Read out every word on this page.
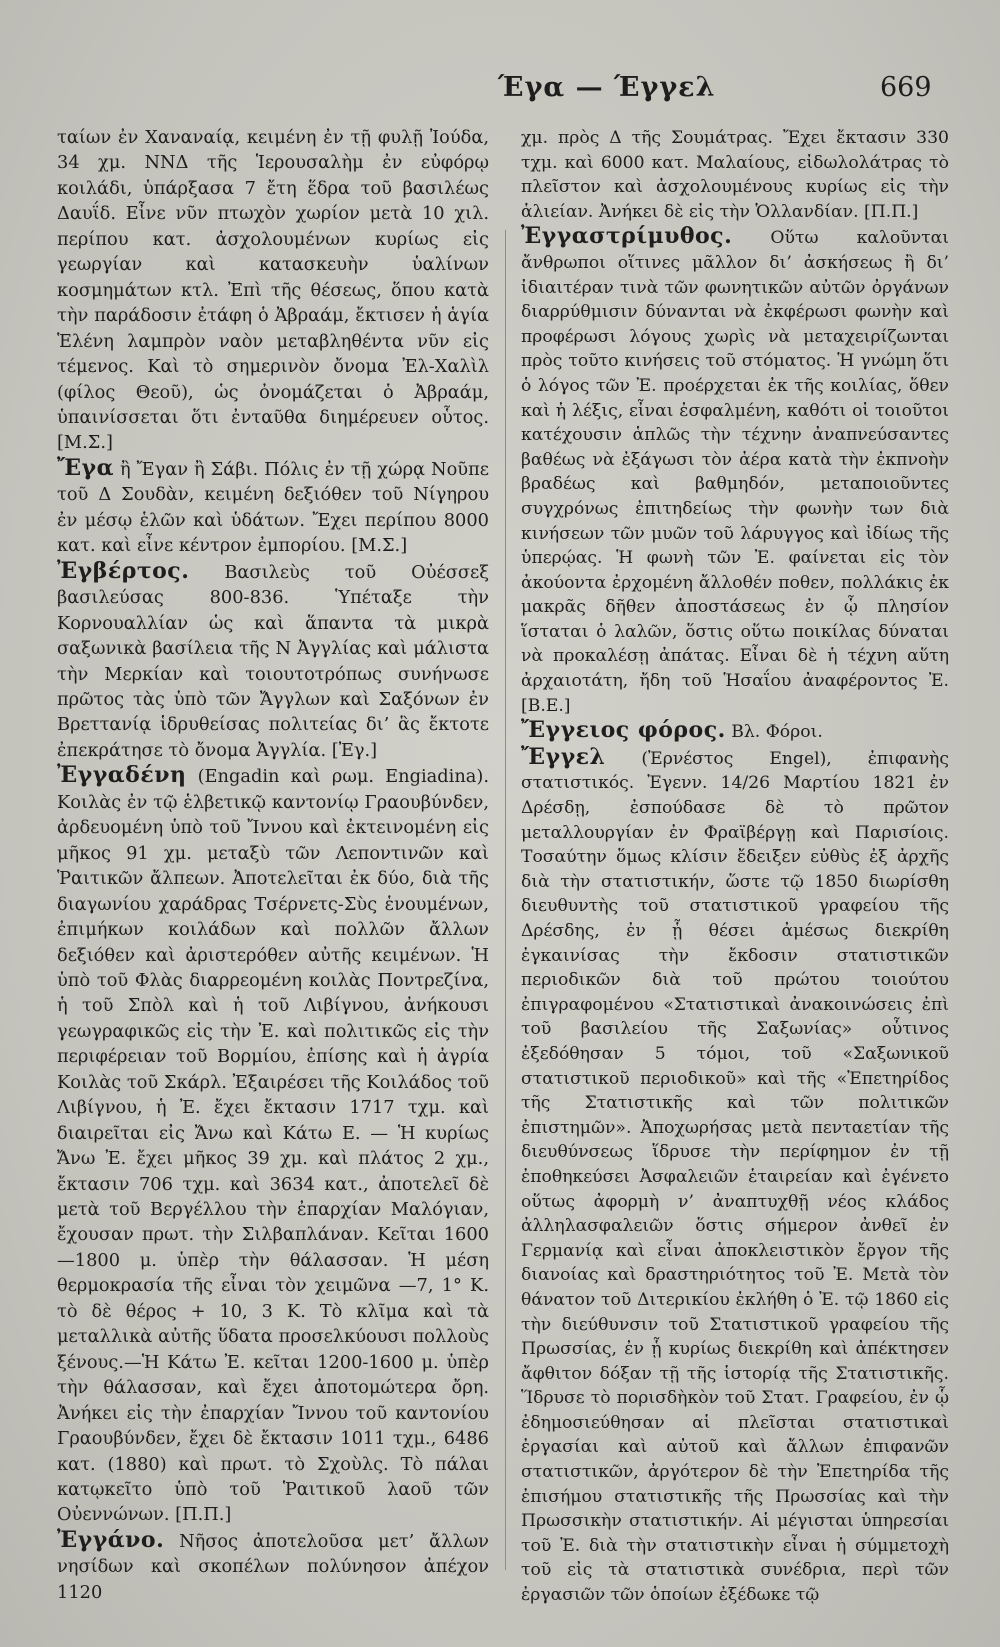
Έγα — Έγγελ	669

ταίων ἐν Χαναναίᾳ, κειμένη ἐν τῇ φυλῇ Ἰούδα, 34 χμ. ΝΝΔ τῆς Ἱερουσαλὴμ ἐν εὐφόρῳ κοιλάδι, ὑπάρξασα 7 ἔτη ἕδρα τοῦ βασιλέως Δαυΐδ. Εἶνε νῦν πτωχὸν χωρίον μετὰ 10 χιλ. περίπου κατ. ἀσχολουμένων κυρίως εἰς γεωργίαν καὶ κατασκευὴν ὑαλίνων κοσμημάτων κτλ. Ἐπὶ τῆς θέσεως, ὅπου κατὰ τὴν παράδοσιν ἐτάφη ὁ Ἀβραάμ, ἔκτισεν ἡ ἁγία Ἑλένη λαμπρὸν ναὸν μεταβληθέντα νῦν εἰς τέμενος. Καὶ τὸ σημερινὸν ὄνομα Ἐλ-Χαλὶλ (φίλος Θεοῦ), ὡς ὀνομάζεται ὁ Ἀβραάμ, ὑπαινίσσεται ὅτι ἐνταῦθα διημέρευεν οὗτος. [Μ.Σ.]

Ἔγα ἢ Ἔγαν ἢ Σάβι. Πόλις ἐν τῇ χώρᾳ Νοῦπε τοῦ Δ Σουδὰν, κειμένη δεξιόθεν τοῦ Νίγηρου ἐν μέσῳ ἑλῶν καὶ ὑδάτων. Ἔχει περίπου 8000 κατ. καὶ εἶνε κέντρον ἐμπορίου. [Μ.Σ.]

Ἐγβέρτος. Βασιλεὺς τοῦ Οὐέσσεξ βασιλεύσας 800-836. Ὑπέταξε τὴν Κορνουαλλίαν ὡς καὶ ἅπαντα τὰ μικρὰ σαξωνικὰ βασίλεια τῆς Ν Ἀγγλίας καὶ μάλιστα τὴν Μερκίαν καὶ τοιουτοτρόπως συνήνωσε πρῶτος τὰς ὑπὸ τῶν Ἄγγλων καὶ Σαξόνων ἐν Βρεττανίᾳ ἱδρυθείσας πολιτείας δι’ ἃς ἔκτοτε ἐπεκράτησε τὸ ὄνομα Ἀγγλία. [Ἐγ.]

Ἐγγαδένη (Engadin καὶ ρωμ. Engiadina). Κοιλὰς ἐν τῷ ἑλβετικῷ καντονίῳ Γραουβύνδεν, ἀρδευομένη ὑπὸ τοῦ Ἴννου καὶ ἐκτεινομένη εἰς μῆκος 91 χμ. μεταξὺ τῶν Λεποντινῶν καὶ Ῥαιτικῶν ἄλπεων. Ἀποτελεῖται ἐκ δύο, διὰ τῆς διαγωνίου χαράδρας Τσέρνετς-Σὺς ἑνουμένων, ἐπιμήκων κοιλάδων καὶ πολλῶν ἄλλων δεξιόθεν καὶ ἀριστερόθεν αὐτῆς κειμένων. Ἡ ὑπὸ τοῦ Φλὰς διαρρεομένη κοιλὰς Ποντρεζίνα, ἡ τοῦ Σπὸλ καὶ ἡ τοῦ Λιβίγνου, ἀνήκουσι γεωγραφικῶς εἰς τὴν Ἐ. καὶ πολιτικῶς εἰς τὴν περιφέρειαν τοῦ Βορμίου, ἐπίσης καὶ ἡ ἀγρία Κοιλὰς τοῦ Σκάρλ. Ἐξαιρέσει τῆς Κοιλάδος τοῦ Λιβίγνου, ἡ Ἐ. ἔχει ἔκτασιν 1717 τχμ. καὶ διαιρεῖται εἰς Ἄνω καὶ Κάτω Ε. — Ἡ κυρίως Ἄνω Ἐ. ἔχει μῆκος 39 χμ. καὶ πλάτος 2 χμ., ἔκτασιν 706 τχμ. καὶ 3634 κατ., ἀποτελεῖ δὲ μετὰ τοῦ Βεργέλλου τὴν ἐπαρχίαν Μαλόγιαν, ἔχουσαν πρωτ. τὴν Σιλβαπλάναν. Κεῖται 1600—1800 μ. ὑπὲρ τὴν θάλασσαν. Ἡ μέση θερμοκρασία τῆς εἶναι τὸν χειμῶνα —7, 1° Κ. τὸ δὲ θέρος + 10, 3 Κ. Τὸ κλῖμα καὶ τὰ μεταλλικὰ αὐτῆς ὕδατα προσελκύουσι πολλοὺς ξένους.—Ἡ Κάτω Ἐ. κεῖται 1200-1600 μ. ὑπὲρ τὴν θάλασσαν, καὶ ἔχει ἀποτομώτερα ὄρη. Ἀνήκει εἰς τὴν ἐπαρχίαν Ἴννου τοῦ καντονίου Γραουβύνδεν, ἔχει δὲ ἔκτασιν 1011 τχμ., 6486 κατ. (1880) καὶ πρωτ. τὸ Σχοὺλς. Τὸ πάλαι κατῳκεῖτο ὑπὸ τοῦ Ῥαιτικοῦ λαοῦ τῶν Οὐεννώνων. [Π.Π.]

Ἐγγάνο. Νῆσος ἀποτελοῦσα μετ’ ἄλλων νησίδων καὶ σκοπέλων πολύνησον ἀπέχον 1120

χμ. πρὸς Δ τῆς Σουμάτρας. Ἔχει ἔκτασιν 330 τχμ. καὶ 6000 κατ. Μαλαίους, εἰδωλολάτρας τὸ πλεῖστον καὶ ἀσχολουμένους κυρίως εἰς τὴν ἁλιείαν. Ἀνήκει δὲ εἰς τὴν Ὁλλανδίαν. [Π.Π.]

Ἐγγαστρίμυθος. Οὕτω καλοῦνται ἄνθρωποι οἵτινες μᾶλλον δι’ ἀσκήσεως ἢ δι’ ἰδιαιτέραν τινὰ τῶν φωνητικῶν αὐτῶν ὀργάνων διαρρύθμισιν δύνανται νὰ ἐκφέρωσι φωνὴν καὶ προφέρωσι λόγους χωρὶς νὰ μεταχειρίζωνται πρὸς τοῦτο κινήσεις τοῦ στόματος. Ἡ γνώμη ὅτι ὁ λόγος τῶν Ἐ. προέρχεται ἐκ τῆς κοιλίας, ὅθεν καὶ ἡ λέξις, εἶναι ἐσφαλμένη, καθότι οἱ τοιοῦτοι κατέχουσιν ἁπλῶς τὴν τέχνην ἀναπνεύσαντες βαθέως νὰ ἐξάγωσι τὸν ἀέρα κατὰ τὴν ἐκπνοὴν βραδέως καὶ βαθμηδόν, μεταποιοῦντες συγχρόνως ἐπιτηδείως τὴν φωνὴν των διὰ κινήσεων τῶν μυῶν τοῦ λάρυγγος καὶ ἰδίως τῆς ὑπερῴας. Ἡ φωνὴ τῶν Ἐ. φαίνεται εἰς τὸν ἀκούοντα ἐρχομένη ἄλλοθέν ποθεν, πολλάκις ἐκ μακρᾶς δῆθεν ἀποστάσεως ἐν ᾧ πλησίον ἵσταται ὁ λαλῶν, ὅστις οὕτω ποικίλας δύναται νὰ προκαλέσῃ ἀπάτας. Εἶναι δὲ ἡ τέχνη αὕτη ἀρχαιοτάτη, ἤδη τοῦ Ἡσαΐου ἀναφέροντος Ἐ. [Β.Ε.]

Ἔγγειος φόρος. Βλ. Φόροι.

Ἔγγελ (Ἐρνέστος Engel), ἐπιφανὴς στατιστικός. Ἐγενν. 14/26 Μαρτίου 1821 ἐν Δρέσδῃ, ἐσπούδασε δὲ τὸ πρῶτον μεταλλουργίαν ἐν Φραϊβέργῃ καὶ Παρισίοις. Τοσαύτην ὅμως κλίσιν ἔδειξεν εὐθὺς ἐξ ἀρχῆς διὰ τὴν στατιστικήν, ὥστε τῷ 1850 διωρίσθη διευθυντὴς τοῦ στατιστικοῦ γραφείου τῆς Δρέσδης, ἐν ᾗ θέσει ἀμέσως διεκρίθη ἐγκαινίσας τὴν ἔκδοσιν στατιστικῶν περιοδικῶν διὰ τοῦ πρώτου τοιούτου ἐπιγραφομένου «Στατιστικαὶ ἀνακοινώσεις ἐπὶ τοῦ βασιλείου τῆς Σαξωνίας» οὗτινος ἐξεδόθησαν 5 τόμοι, τοῦ «Σαξωνικοῦ στατιστικοῦ περιοδικοῦ» καὶ τῆς «Ἐπετηρίδος τῆς Στατιστικῆς καὶ τῶν πολιτικῶν ἐπιστημῶν». Ἀποχωρήσας μετὰ πενταετίαν τῆς διευθύνσεως ἵδρυσε τὴν περίφημον ἐν τῇ ἐποθηκεύσει Ἀσφαλειῶν ἑταιρείαν καὶ ἐγένετο οὕτως ἀφορμὴ ν’ ἀναπτυχθῇ νέος κλάδος ἀλληλασφαλειῶν ὅστις σήμερον ἀνθεῖ ἐν Γερμανίᾳ καὶ εἶναι ἀποκλειστικὸν ἔργον τῆς διανοίας καὶ δραστηριότητος τοῦ Ἐ. Μετὰ τὸν θάνατον τοῦ Διτερικίου ἐκλήθη ὁ Ἐ. τῷ 1860 εἰς τὴν διεύθυνσιν τοῦ Στατιστικοῦ γραφείου τῆς Πρωσσίας, ἐν ᾗ κυρίως διεκρίθη καὶ ἀπέκτησεν ἄφθιτον δόξαν τῇ τῆς ἱστορίᾳ τῆς Στατιστικῆς. Ἵδρυσε τὸ πορισδὴκὸν τοῦ Στατ. Γραφείου, ἐν ᾧ ἐδημοσιεύθησαν αἱ πλεῖσται στατιστικαὶ ἐργασίαι καὶ αὐτοῦ καὶ ἄλλων ἐπιφανῶν στατιστικῶν, ἀργότερον δὲ τὴν Ἐπετηρίδα τῆς ἐπισήμου στατιστικῆς τῆς Πρωσσίας καὶ τὴν Πρωσσικὴν στατιστικήν. Αἱ μέγισται ὑπηρεσίαι τοῦ Ἐ. διὰ τὴν στατιστικὴν εἶναι ἡ σύμμετοχὴ τοῦ εἰς τὰ στατιστικὰ συνέδρια, περὶ τῶν ἐργασιῶν τῶν ὁποίων ἐξέδωκε τῷ
